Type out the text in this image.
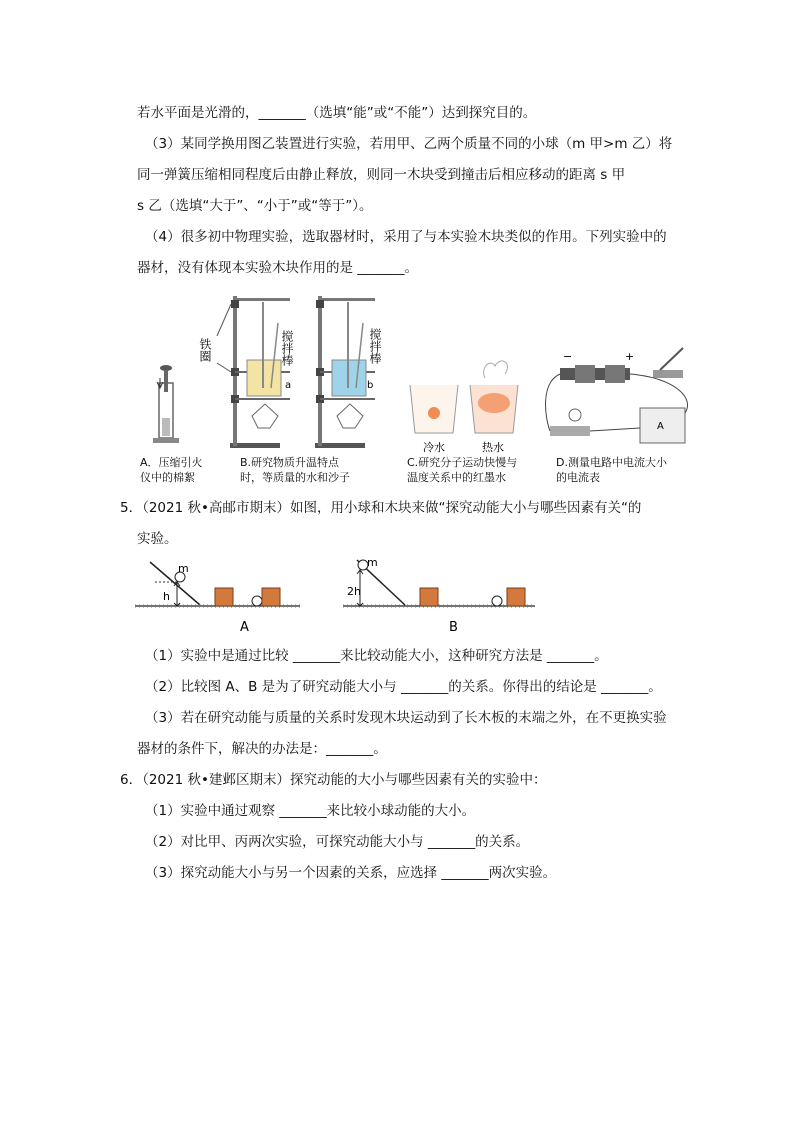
若水平面是光滑的，_______（选填“能”或“不能”）达到探究目的。
（3）某同学换用图乙装置进行实验，若用甲、乙两个质量不同的小球（m 甲>m 乙）将
同一弹簧压缩相同程度后由静止释放，则同一木块受到撞击后相应移动的距离 s 甲
s 乙（选填“大于”、“小于”或“等于”）。
（4）很多初中物理实验，选取器材时，采用了与本实验木块类似的作用。下列实验中的
器材，没有体现本实验木块作用的是 _______。
搅拌棒	搅拌棒
铁圈
a	b
冷水	热水
−	+
A
A．压缩引火
仪中的棉絮
B.研究物质升温特点
时，等质量的水和沙子
C.研究分子运动快慢与
温度关系中的红墨水
D.测量电路中电流大小
的电流表
5．（2021 秋•高邮市期末）如图，用小球和木块来做“探究动能大小与哪些因素有关“的
实验。
m
h
A
m
2h
B
（1）实验中是通过比较 _______来比较动能大小，这种研究方法是 _______。
（2）比较图 A、B 是为了研究动能大小与 _______的关系。你得出的结论是 _______。
（3）若在研究动能与质量的关系时发现木块运动到了长木板的末端之外，在不更换实验
器材的条件下，解决的办法是：_______。
6．（2021 秋•建邺区期末）探究动能的大小与哪些因素有关的实验中：
（1）实验中通过观察 _______来比较小球动能的大小。
（2）对比甲、丙两次实验，可探究动能大小与 _______的关系。
（3）探究动能大小与另一个因素的关系，应选择 _______两次实验。
